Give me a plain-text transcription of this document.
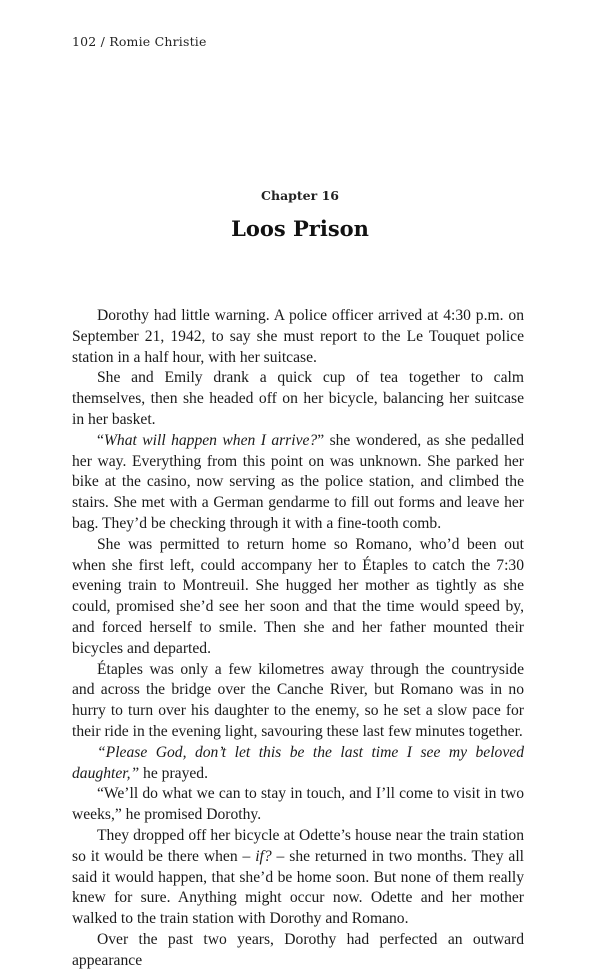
102 / Romie Christie
Chapter 16
Loos Prison

Dorothy had little warning. A police officer arrived at 4:30 p.m. on September 21, 1942, to say she must report to the Le Touquet police station in a half hour, with her suitcase.

She and Emily drank a quick cup of tea together to calm themselves, then she headed off on her bicycle, balancing her suitcase in her basket.

“What will happen when I arrive?” she wondered, as she pedalled her way. Everything from this point on was unknown. She parked her bike at the casino, now serving as the police station, and climbed the stairs. She met with a German gendarme to fill out forms and leave her bag. They’d be checking through it with a fine-tooth comb.

She was permitted to return home so Romano, who’d been out when she first left, could accompany her to Étaples to catch the 7:30 evening train to Montreuil. She hugged her mother as tightly as she could, promised she’d see her soon and that the time would speed by, and forced herself to smile. Then she and her father mounted their bicycles and departed.

Étaples was only a few kilometres away through the countryside and across the bridge over the Canche River, but Romano was in no hurry to turn over his daughter to the enemy, so he set a slow pace for their ride in the evening light, savouring these last few minutes together.

“Please God, don’t let this be the last time I see my beloved daughter,” he prayed.

“We’ll do what we can to stay in touch, and I’ll come to visit in two weeks,” he promised Dorothy.

They dropped off her bicycle at Odette’s house near the train station so it would be there when – if? – she returned in two months. They all said it would happen, that she’d be home soon. But none of them really knew for sure. Anything might occur now. Odette and her mother walked to the train station with Dorothy and Romano.

Over the past two years, Dorothy had perfected an outward appearance
